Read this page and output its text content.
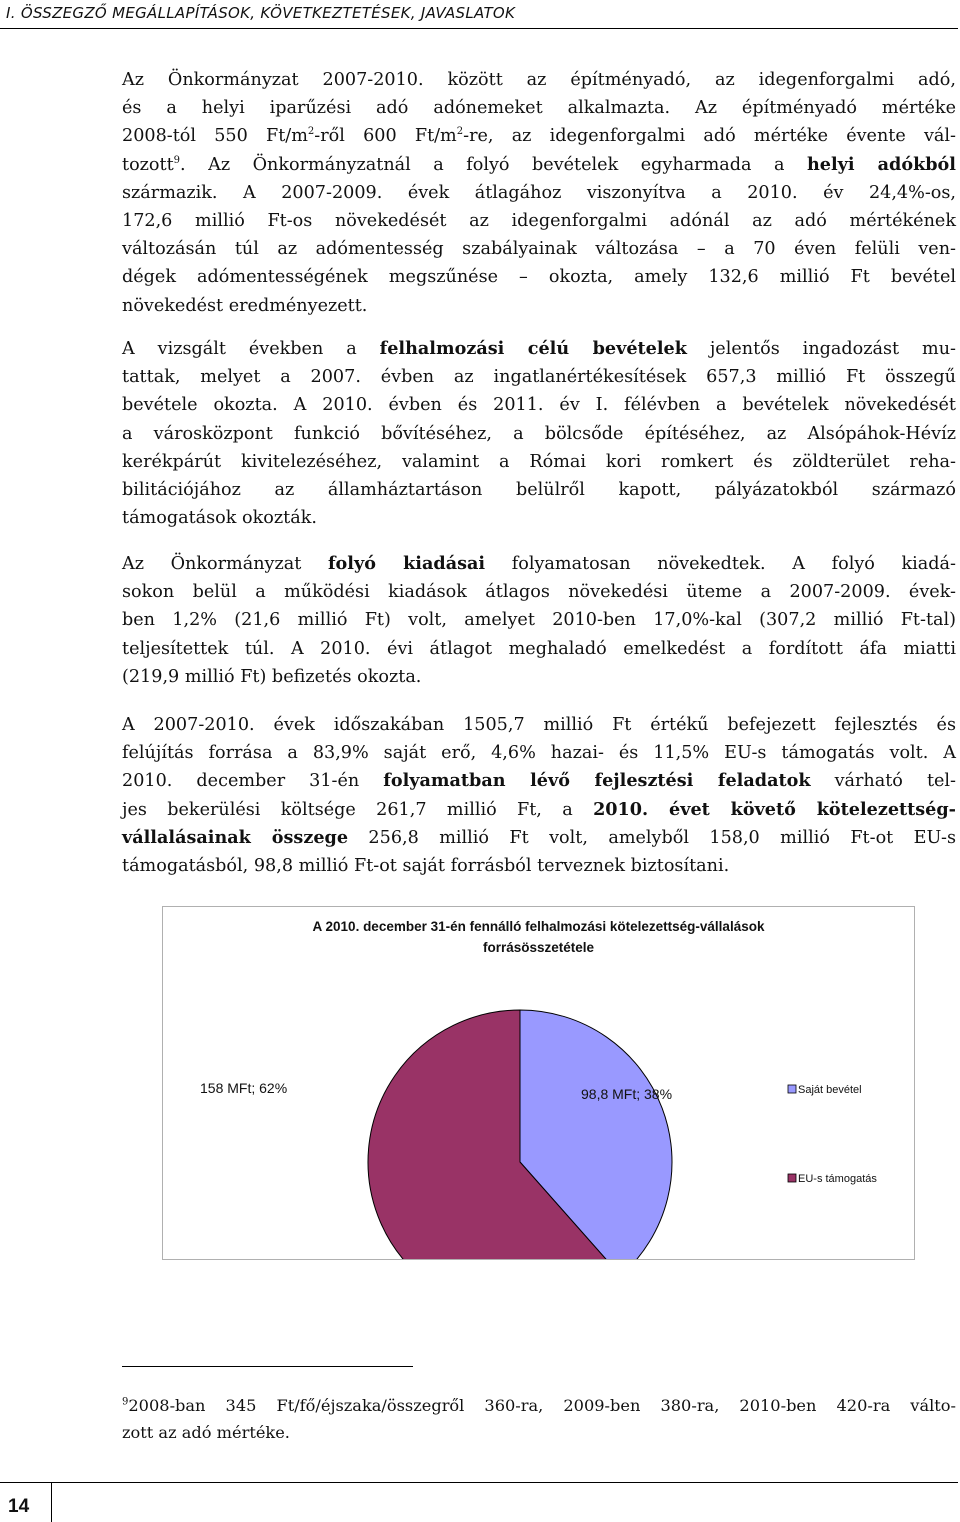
I. ÖSSZEGZŐ MEGÁLLAPÍTÁSOK, KÖVETKEZTETÉSEK, JAVASLATOK
Az Önkormányzat 2007-2010. között az építményadó, az idegenforgalmi adó,
és a helyi iparűzési adó adónemeket alkalmazta. Az építményadó mértéke
2008-tól 550 $Ft/m^2$-ről 600 $Ft/m^2-re$, az idegenforgalmi adó mértéke évente vál-
tozott$^9$. Az Önkormányzatnál a folyó bevételek egyharmada a helyi adókból
származik. A 2007-2009. évek átlagához viszonyítva a 2010. év 24,4%-os,
172,6 millió Ft-os növekedését az idegenforgalmi adónál az adó mértékének
változásán túl az adómentesség szabályainak változása – a 70 éven felüli ven-
dégek adómentességének megszűnése – okozta, amely 132,6 millió Ft bevétel
növekedést eredményezett.
A vizsgált években a felhalmozási célú bevételek jelentős ingadozást mu-
tattak, melyet a 2007. évben az ingatlanértékesítések 657,3 millió Ft összegű
bevétele okozta. A 2010. évben és 2011. év I. félévben a bevételek növekedését
a városközpont funkció bővítéséhez, a bölcsőde építéséhez, az Alsópáhok-Hévíz
kerékpárút kivitelezéséhez, valamint a Római kori romkert és zöldterület reha-
bilitációjához az államháztartáson belülről kapott, pályázatokból származó
támogatások okozták.
Az Önkormányzat folyó kiadásai folyamatosan növekedtek. A folyó kiadá-
sokon belül a működési kiadások átlagos növekedési üteme a 2007-2009. évek-
ben 1,2% (21,6 millió Ft) volt, amelyet 2010-ben 17,0%-kal (307,2 millió Ft-tal)
teljesítettek túl. A 2010. évi átlagot meghaladó emelkedést a fordított áfa miatti
(219,9 millió Ft) befizetés okozta.
A 2007-2010. évek időszakában 1505,7 millió Ft értékű befejezett fejlesztés és
felújítás forrása a 83,9% saját erő, 4,6% hazai- és 11,5% EU-s támogatás volt. A
2010. december 31-én folyamatban lévő fejlesztési feladatok várható tel-
jes bekerülési költsége 261,7 millió Ft, a 2010. évet követő kötelezettség-
vállalásainak összege 256,8 millió Ft volt, amelyből 158,0 millió Ft-ot EU-s
támogatásból, 98,8 millió Ft-ot saját forrásból terveznek biztosítani.
A 2010. december 31-én fennálló felhalmozási kötelezettség-vállalások
forrásösszetétele
98,8 MFt; 38%
158 MFt; 62%	Saját bevétel
EU-s támogatás
$^9$2008-ban 345 Ft/fő/éjszaka/összegről 360-ra, 2009-ben 380-ra, 2010-ben 420-ra válto-
zott az adó mértéke.
14
